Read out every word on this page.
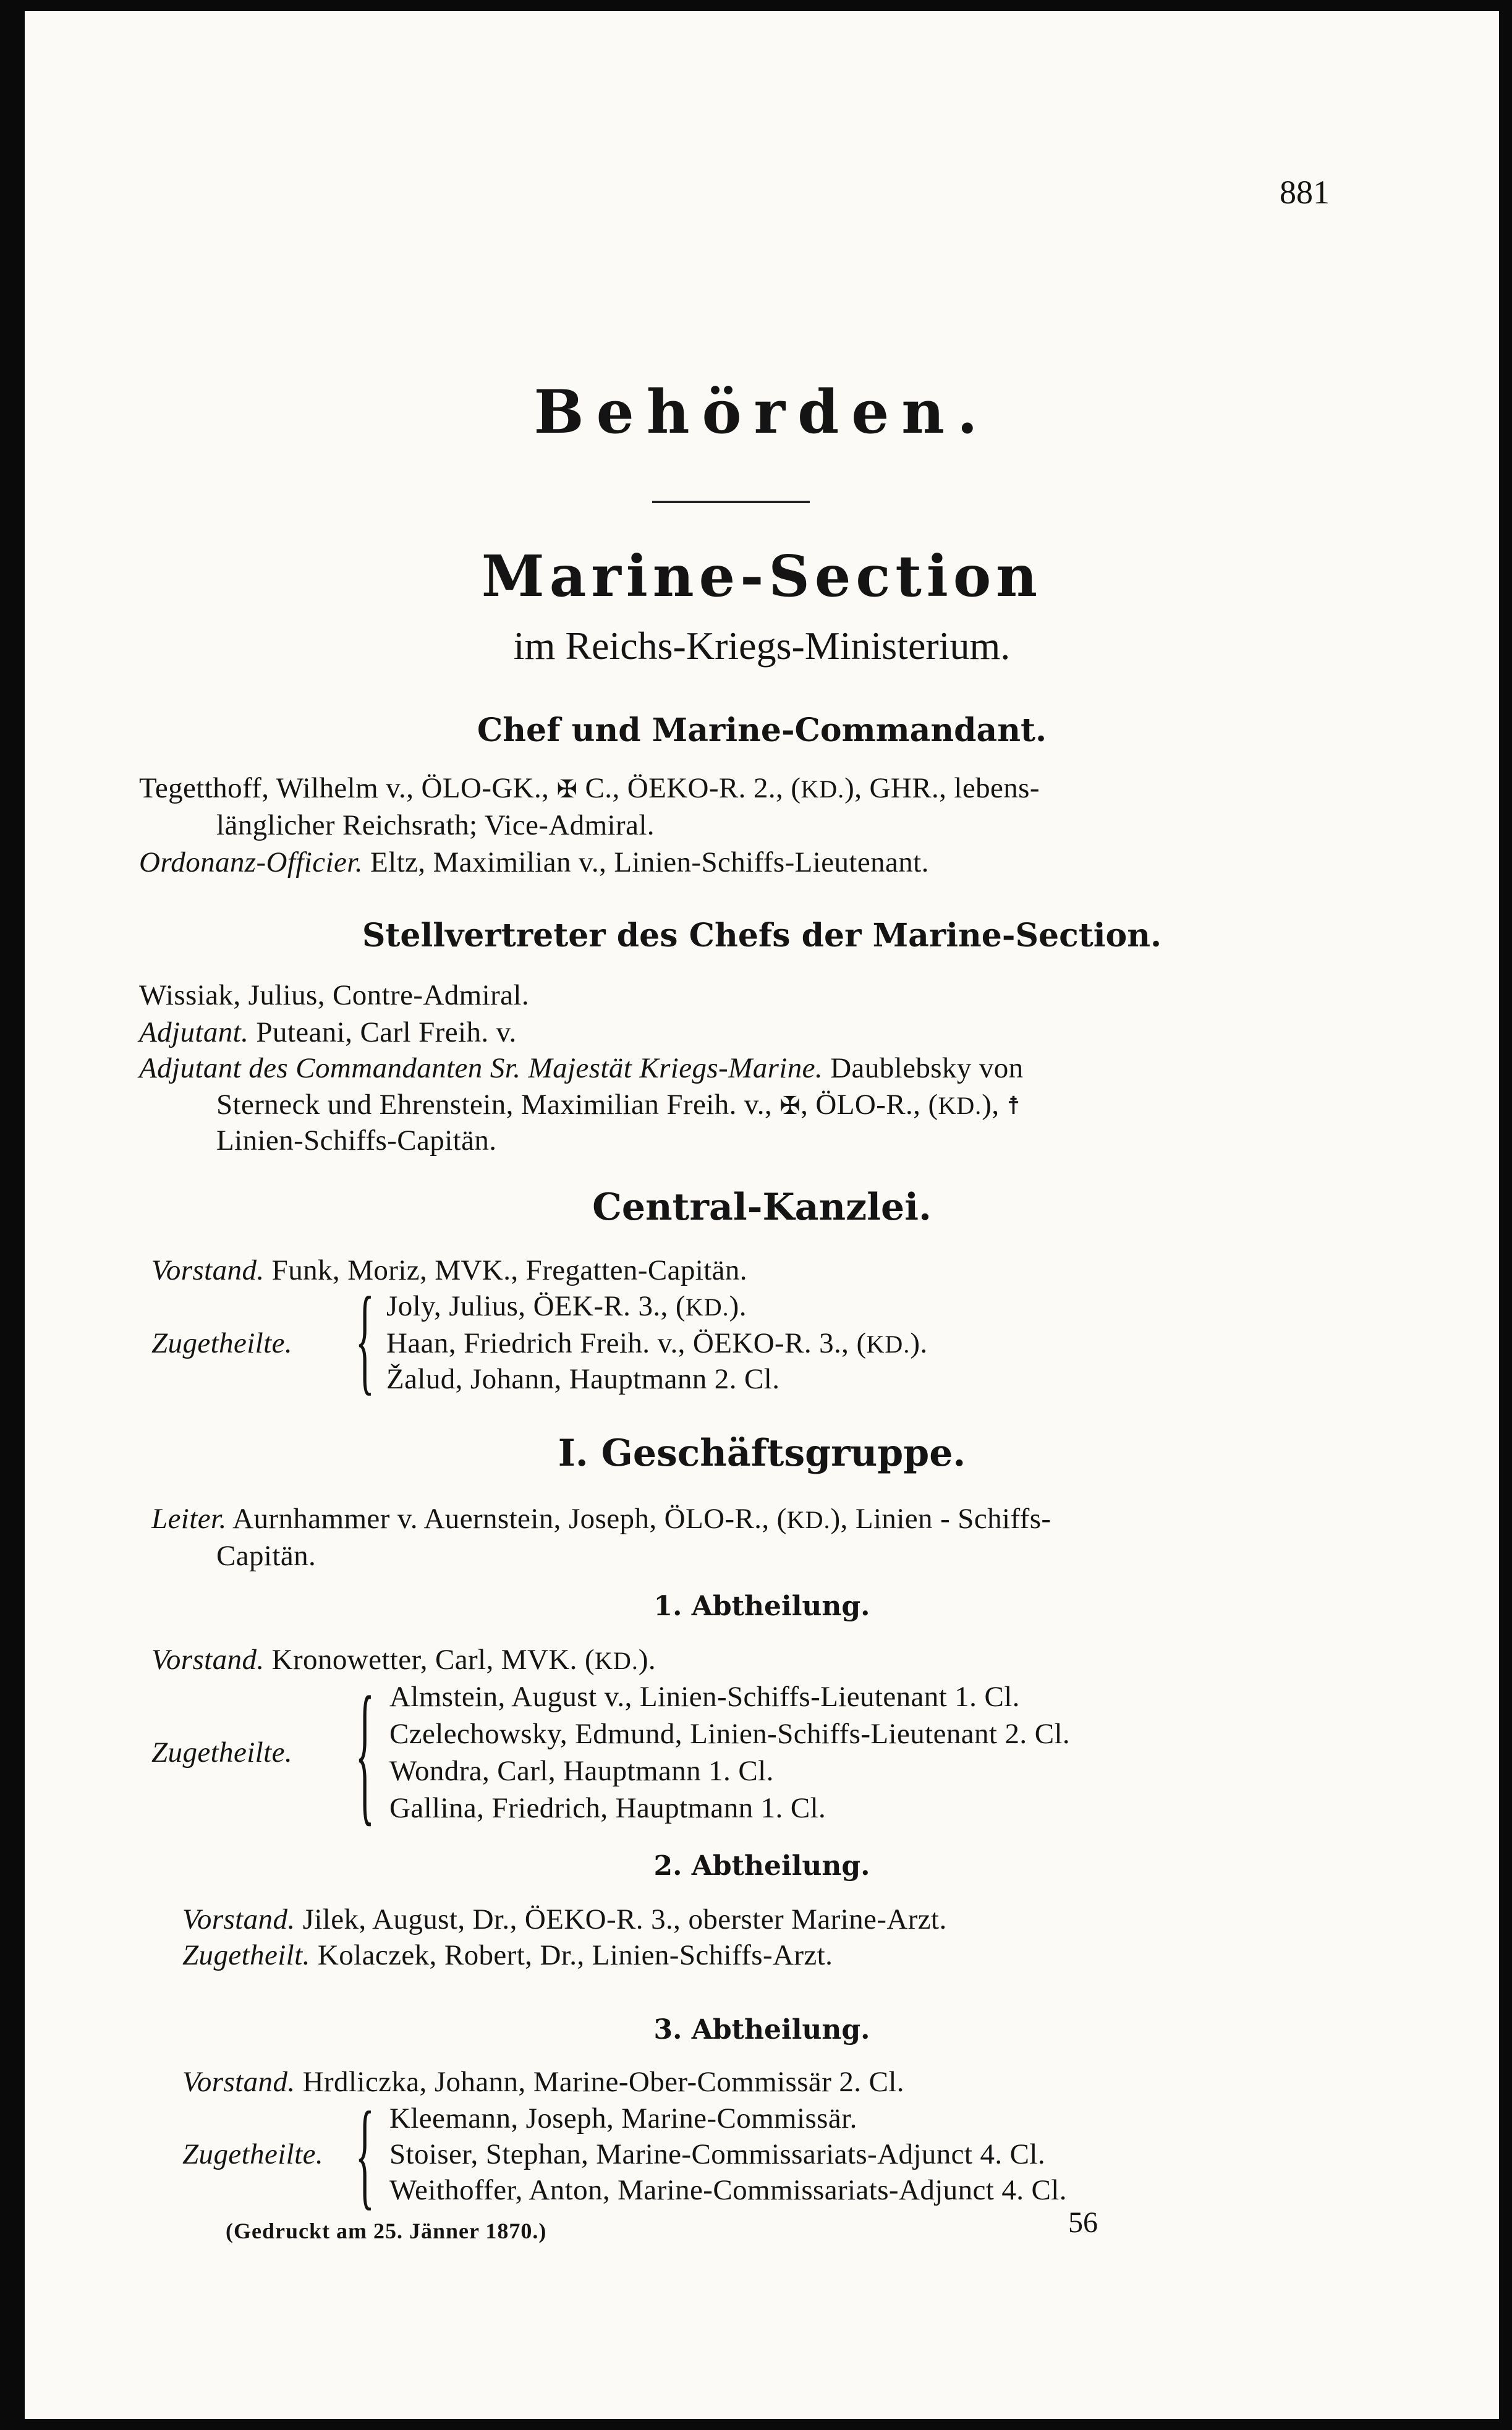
881
Behörden.
Marine-Section
im Reichs-Kriegs-Ministerium.
Chef und Marine-Commandant.
Tegetthoff, Wilhelm v., ÖLO-GK., ✠ C., ÖEKO-R. 2., (KD.), GHR., lebens-
länglicher Reichsrath; Vice-Admiral.
Ordonanz-Officier. Eltz, Maximilian v., Linien-Schiffs-Lieutenant.
Stellvertreter des Chefs der Marine-Section.
Wissiak, Julius, Contre-Admiral.
Adjutant. Puteani, Carl Freih. v.
Adjutant des Commandanten Sr. Majestät Kriegs-Marine. Daublebsky von
Sterneck und Ehrenstein, Maximilian Freih. v., ✠, ÖLO-R., (KD.), ☨
Linien-Schiffs-Capitän.
Central-Kanzlei.
Vorstand. Funk, Moriz, MVK., Fregatten-Capitän.
Zugetheilte. { Joly, Julius, ÖEK-R. 3., (KD.).
Haan, Friedrich Freih. v., ÖEKO-R. 3., (KD.).
Žalud, Johann, Hauptmann 2. Cl.
I. Geschäftsgruppe.
Leiter. Aurnhammer v. Auernstein, Joseph, ÖLO-R., (KD.), Linien - Schiffs-
Capitän.
1. Abtheilung.
Vorstand. Kronowetter, Carl, MVK. (KD.).
Zugetheilte. { Almstein, August v., Linien-Schiffs-Lieutenant 1. Cl.
Czelechowsky, Edmund, Linien-Schiffs-Lieutenant 2. Cl.
Wondra, Carl, Hauptmann 1. Cl.
Gallina, Friedrich, Hauptmann 1. Cl.
2. Abtheilung.
Vorstand. Jilek, August, Dr., ÖEKO-R. 3., oberster Marine-Arzt.
Zugetheilt. Kolaczek, Robert, Dr., Linien-Schiffs-Arzt.
3. Abtheilung.
Vorstand. Hrdliczka, Johann, Marine-Ober-Commissär 2. Cl.
Zugetheilte. { Kleemann, Joseph, Marine-Commissär.
Stoiser, Stephan, Marine-Commissariats-Adjunct 4. Cl.
Weithoffer, Anton, Marine-Commissariats-Adjunct 4. Cl.
(Gedruckt am 25. Jänner 1870.)	56
